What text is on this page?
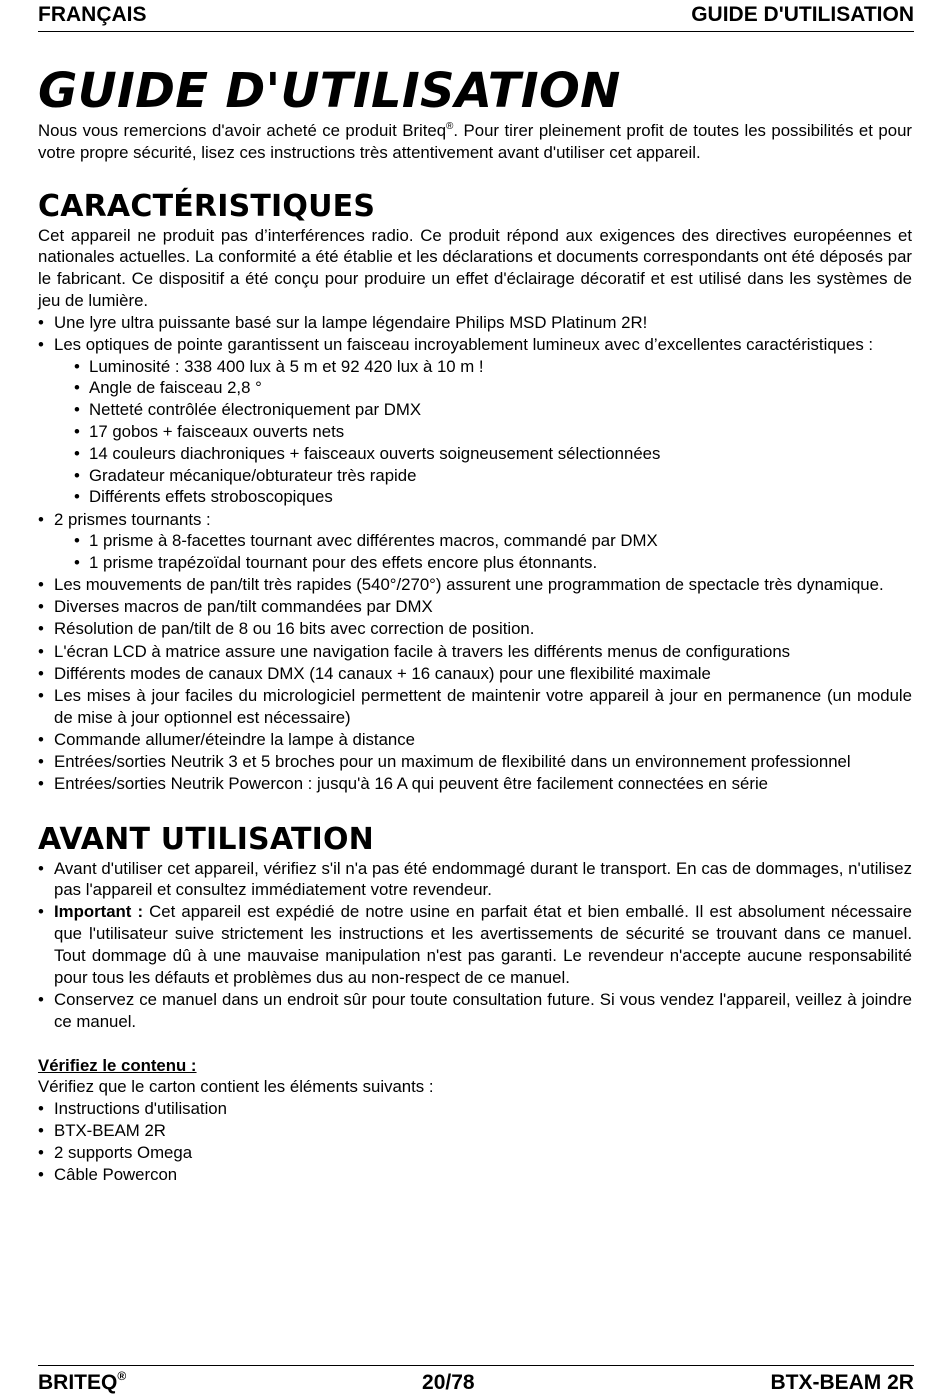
FRANÇAIS	GUIDE D'UTILISATION
GUIDE D'UTILISATION

Nous vous remercions d'avoir acheté ce produit Briteq®. Pour tirer pleinement profit de toutes les possibilités et pour votre propre sécurité, lisez ces instructions très attentivement avant d'utiliser cet appareil.

CARACTÉRISTIQUES

Cet appareil ne produit pas d’interférences radio. Ce produit répond aux exigences des directives européennes et nationales actuelles. La conformité a été établie et les déclarations et documents correspondants ont été déposés par le fabricant. Ce dispositif a été conçu pour produire un effet d'éclairage décoratif et est utilisé dans les systèmes de jeu de lumière.

• Une lyre ultra puissante basé sur la lampe légendaire Philips MSD Platinum 2R!
• Les optiques de pointe garantissent un faisceau incroyablement lumineux avec d’excellentes caractéristiques :
• Luminosité : 338 400 lux à 5 m et 92 420 lux à 10 m !
• Angle de faisceau 2,8 °
• Netteté contrôlée électroniquement par DMX
• 17 gobos + faisceaux ouverts nets
• 14 couleurs diachroniques + faisceaux ouverts soigneusement sélectionnées
• Gradateur mécanique/obturateur très rapide
• Différents effets stroboscopiques
• 2 prismes tournants :
• 1 prisme à 8-facettes tournant avec différentes macros, commandé par DMX
• 1 prisme trapézoïdal tournant pour des effets encore plus étonnants.
• Les mouvements de pan/tilt très rapides (540°/270°) assurent une programmation de spectacle très dynamique.
• Diverses macros de pan/tilt commandées par DMX
• Résolution de pan/tilt de 8 ou 16 bits avec correction de position.
• L'écran LCD à matrice assure une navigation facile à travers les différents menus de configurations
• Différents modes de canaux DMX (14 canaux + 16 canaux) pour une flexibilité maximale
• Les mises à jour faciles du micrologiciel permettent de maintenir votre appareil à jour en permanence (un module de mise à jour optionnel est nécessaire)
• Commande allumer/éteindre la lampe à distance
• Entrées/sorties Neutrik 3 et 5 broches pour un maximum de flexibilité dans un environnement professionnel
• Entrées/sorties Neutrik Powercon : jusqu'à 16 A qui peuvent être facilement connectées en série
AVANT UTILISATION
• Avant d'utiliser cet appareil, vérifiez s'il n'a pas été endommagé durant le transport. En cas de dommages, n'utilisez pas l'appareil et consultez immédiatement votre revendeur.
• Important : Cet appareil est expédié de notre usine en parfait état et bien emballé. Il est absolument nécessaire que l'utilisateur suive strictement les instructions et les avertissements de sécurité se trouvant dans ce manuel. Tout dommage dû à une mauvaise manipulation n'est pas garanti. Le revendeur n'accepte aucune responsabilité pour tous les défauts et problèmes dus au non-respect de ce manuel.
• Conservez ce manuel dans un endroit sûr pour toute consultation future. Si vous vendez l'appareil, veillez à joindre ce manuel.

Vérifiez le contenu :

Vérifiez que le carton contient les éléments suivants :

• Instructions d'utilisation
• BTX-BEAM 2R
• 2 supports Omega
• Câble Powercon
BRITEQ®	20/78	BTX-BEAM 2R
